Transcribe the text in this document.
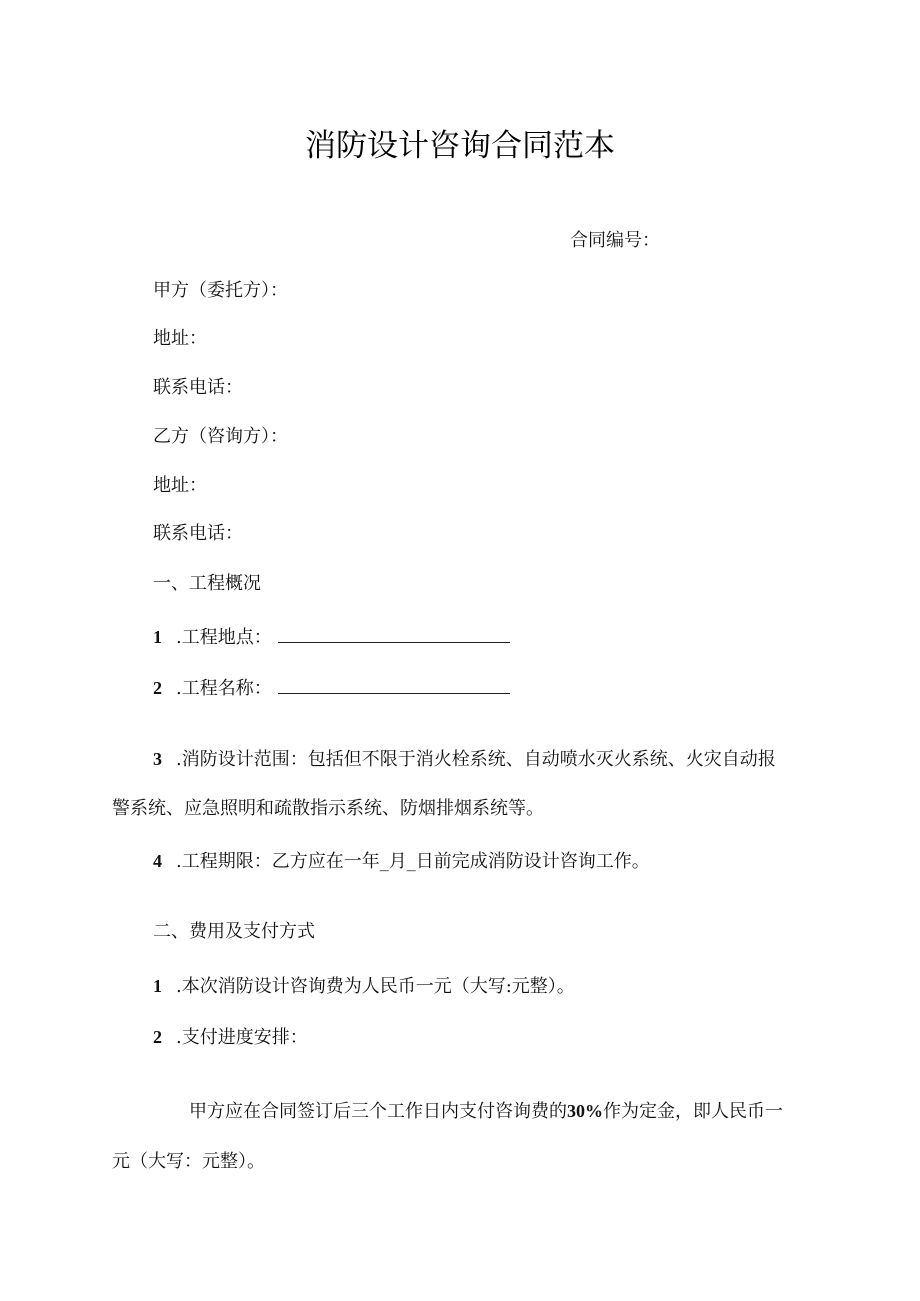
消防设计咨询合同范本
合同编号：
甲方（委托方）：
地址：
联系电话：
乙方（咨询方）：
地址：
联系电话：
一、工程概况
1 .工程地点：
2 .工程名称：
3 .消防设计范围：包括但不限于消火栓系统、自动喷水灭火系统、火灾自动报
警系统、应急照明和疏散指示系统、防烟排烟系统等。
4 .工程期限：乙方应在一年_月_日前完成消防设计咨询工作。
二、费用及支付方式
1 .本次消防设计咨询费为人民币一元（大写:元整）。
2 .支付进度安排：
甲方应在合同签订后三个工作日内支付咨询费的30%作为定金，即人民币一
元（大写：元整）。
